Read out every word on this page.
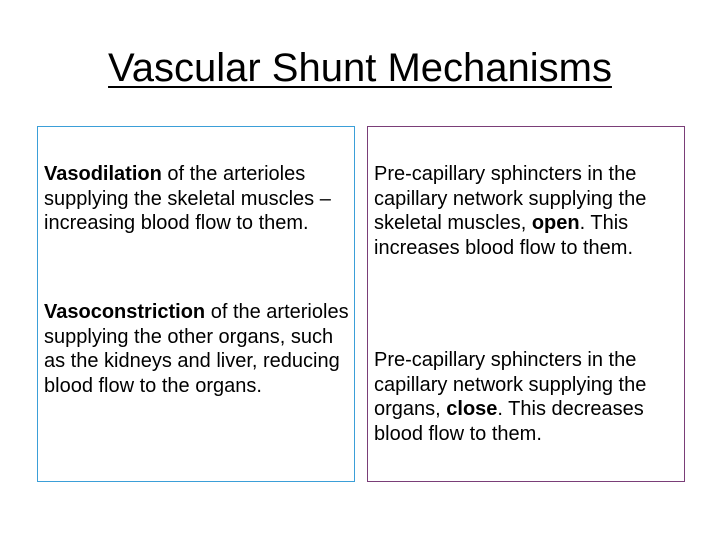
Vascular Shunt Mechanisms

Vasodilation of the arterioles supplying the skeletal muscles – increasing blood flow to them.

Vasoconstriction of the arterioles supplying the other organs, such as the kidneys and liver, reducing blood flow to the organs.

Pre-capillary sphincters in the capillary network supplying the skeletal muscles, open. This increases blood flow to them.

Pre-capillary sphincters in the capillary network supplying the organs, close. This decreases blood flow to them.
